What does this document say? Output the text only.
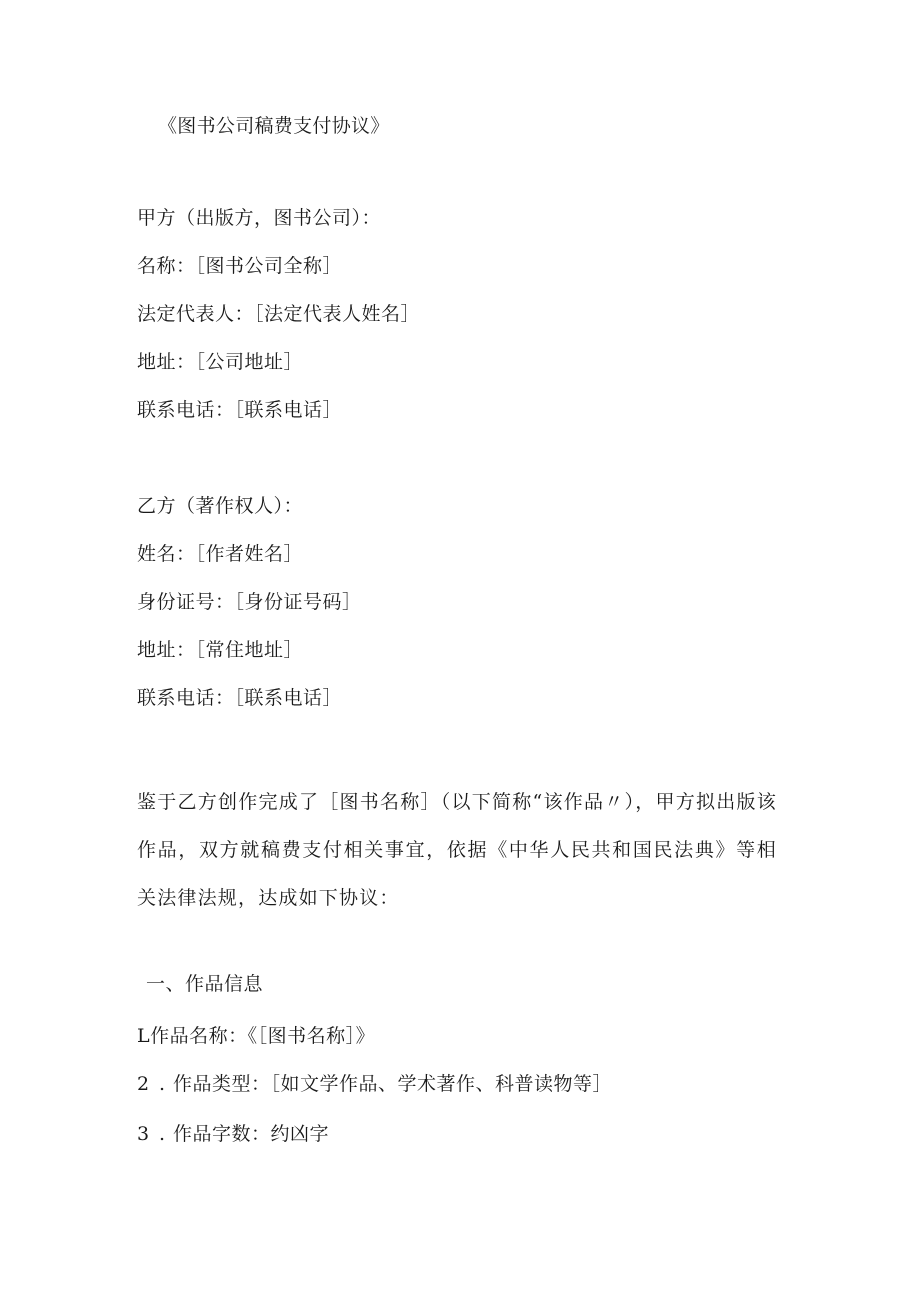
《图书公司稿费支付协议》
甲方（出版方，图书公司）：
名称：［图书公司全称］
法定代表人：［法定代表人姓名］
地址：［公司地址］
联系电话：［联系电话］
乙方（著作权人）：
姓名：［作者姓名］
身份证号：［身份证号码］
地址：［常住地址］
联系电话：［联系电话］
鉴于乙方创作完成了［图书名称］（以下简称“该作品〃），甲方拟出版该作品，双方就稿费支付相关事宜，依据《中华人民共和国民法典》等相关法律法规，达成如下协议：
一、作品信息
L作品名称：《［图书名称］》
2 . 作品类型：［如文学作品、学术著作、科普读物等］
3 . 作品字数：约凶字
